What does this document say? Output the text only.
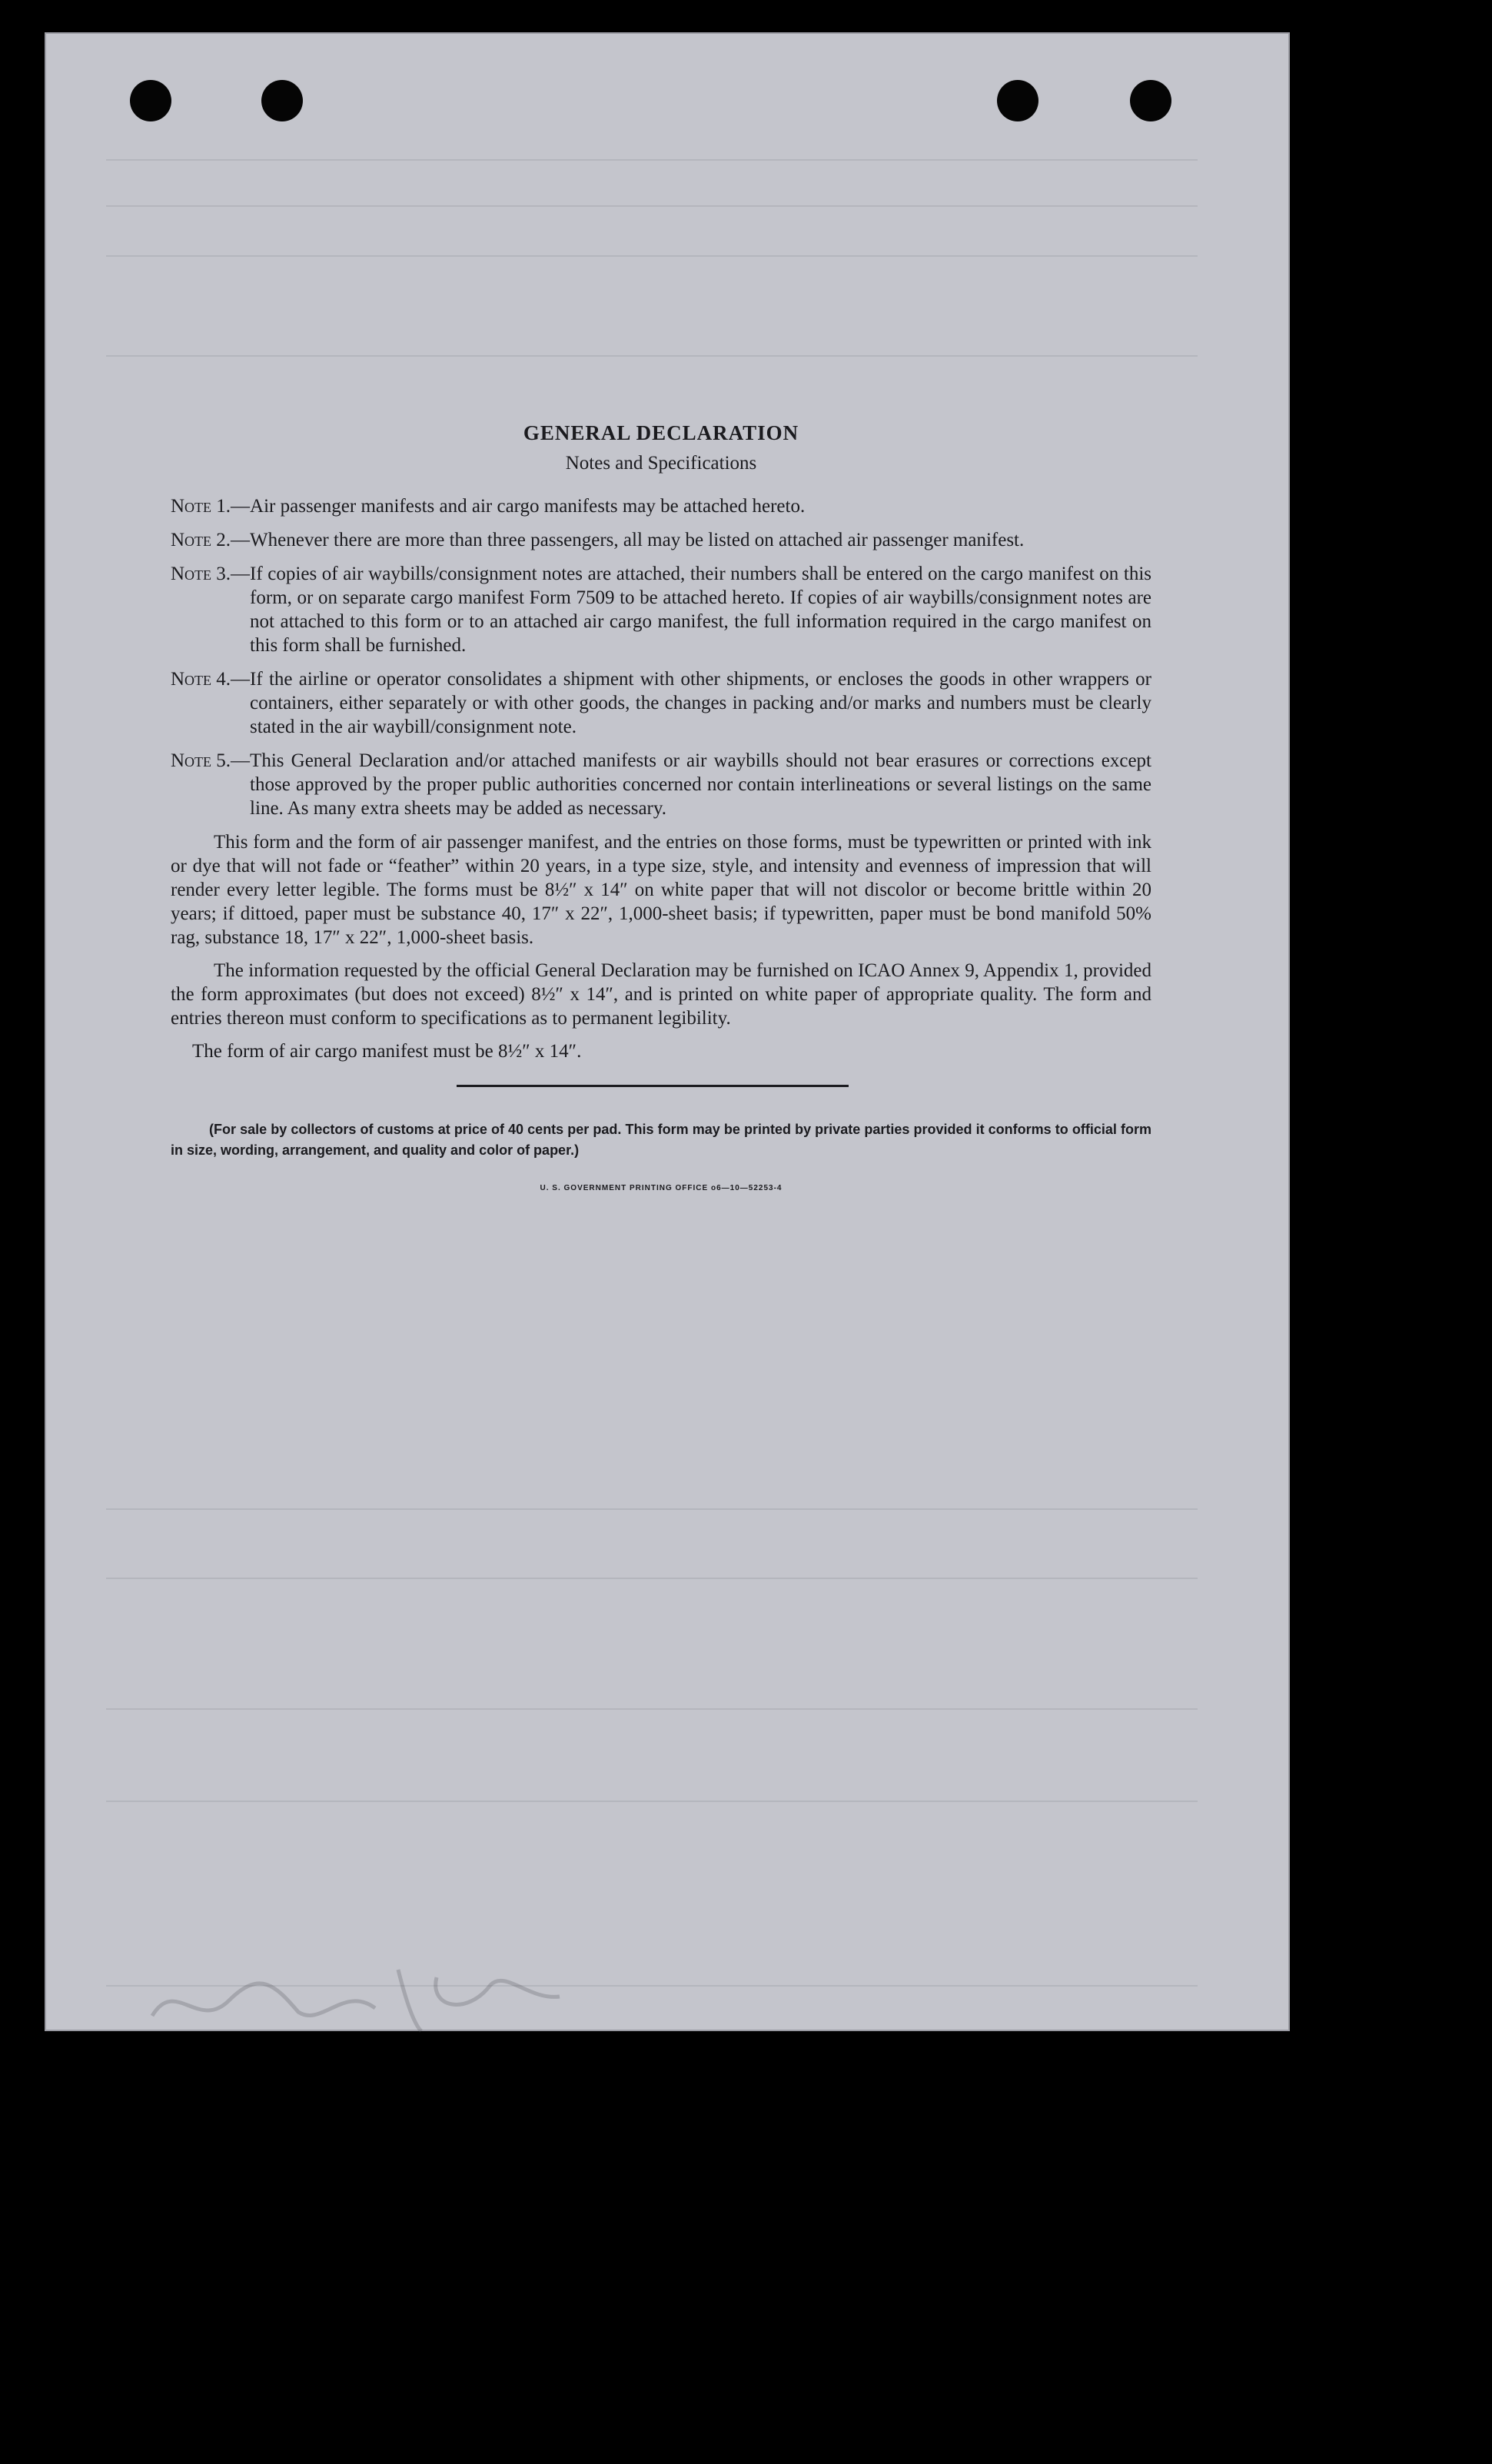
GENERAL DECLARATION
Notes and Specifications
Note 1.— Air passenger manifests and air cargo manifests may be attached hereto.
Note 2.— Whenever there are more than three passengers, all may be listed on attached air passenger manifest.
Note 3.— If copies of air waybills/consignment notes are attached, their numbers shall be entered on the cargo manifest on this form, or on separate cargo manifest Form 7509 to be attached hereto. If copies of air waybills/consignment notes are not attached to this form or to an attached air cargo manifest, the full information required in the cargo manifest on this form shall be furnished.
Note 4.— If the airline or operator consolidates a shipment with other shipments, or encloses the goods in other wrappers or containers, either separately or with other goods, the changes in packing and/or marks and numbers must be clearly stated in the air waybill/consignment note.
Note 5.— This General Declaration and/or attached manifests or air waybills should not bear erasures or corrections except those approved by the proper public authorities concerned nor contain interlineations or several listings on the same line. As many extra sheets may be added as necessary.

This form and the form of air passenger manifest, and the entries on those forms, must be typewritten or printed with ink or dye that will not fade or “feather” within 20 years, in a type size, style, and intensity and evenness of impression that will render every letter legible. The forms must be 8½″ x 14″ on white paper that will not discolor or become brittle within 20 years; if dittoed, paper must be substance 40, 17″ x 22″, 1,000-sheet basis; if typewritten, paper must be bond manifold 50% rag, substance 18, 17″ x 22″, 1,000-sheet basis.

The information requested by the official General Declaration may be furnished on ICAO Annex 9, Appendix 1, provided the form approximates (but does not exceed) 8½″ x 14″, and is printed on white paper of appropriate quality. The form and entries thereon must conform to specifications as to permanent legibility.

The form of air cargo manifest must be 8½″ x 14″.

(For sale by collectors of customs at price of 40 cents per pad. This form may be printed by private parties provided it conforms to official form in size, wording, arrangement, and quality and color of paper.)
U. S. GOVERNMENT PRINTING OFFICE o6—10—52253-4
